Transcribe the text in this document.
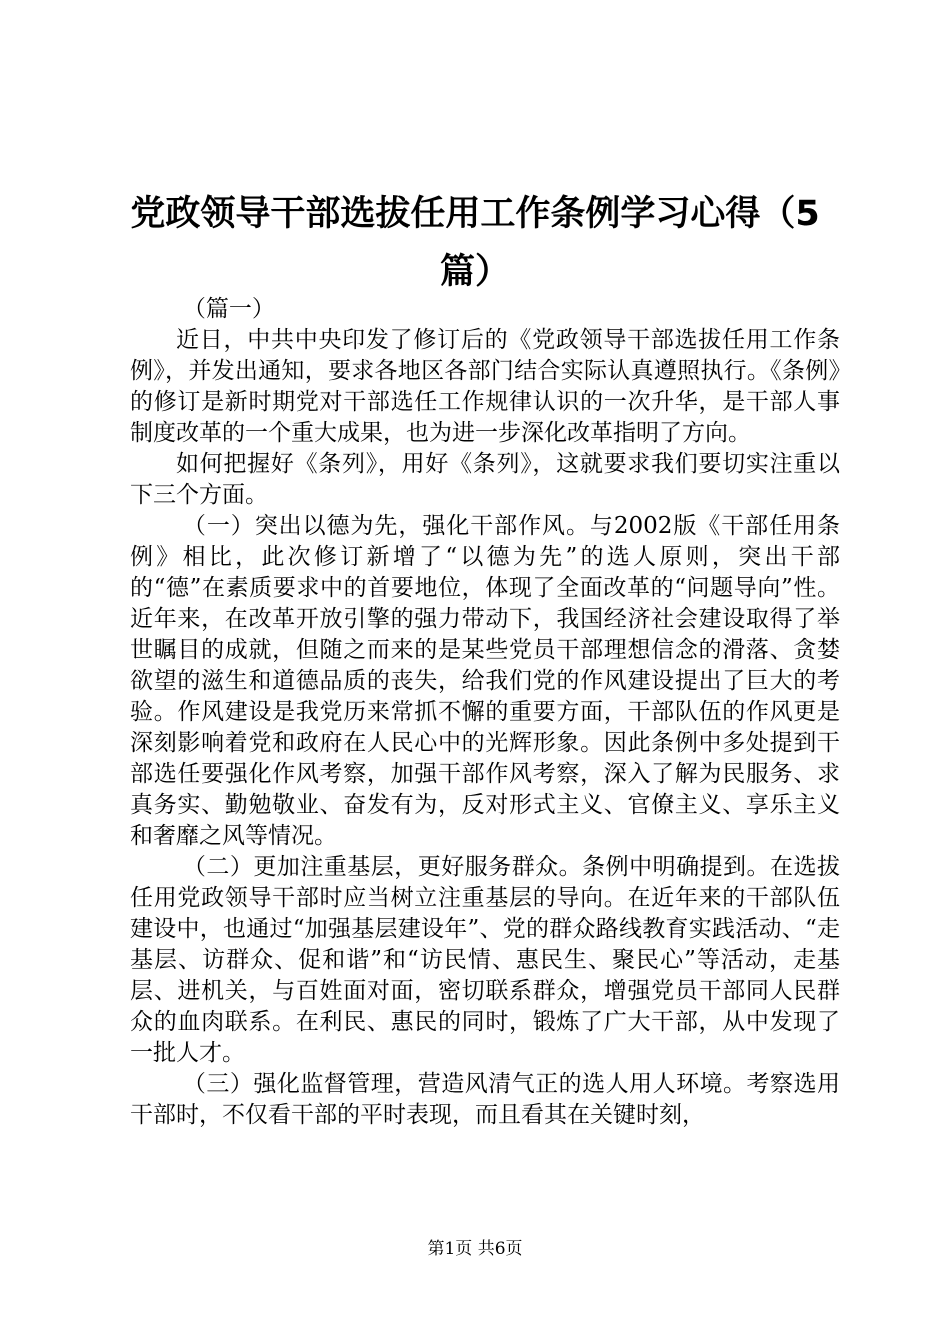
党政领导干部选拔任用工作条例学习心得（5篇）

（篇一）

近日，中共中央印发了修订后的《党政领导干部选拔任用工作条例》，并发出通知，要求各地区各部门结合实际认真遵照执行。《条例》的修订是新时期党对干部选任工作规律认识的一次升华，是干部人事制度改革的一个重大成果，也为进一步深化改革指明了方向。

如何把握好《条列》，用好《条列》，这就要求我们要切实注重以下三个方面。

（一）突出以德为先，强化干部作风。与2002版《干部任用条例》相比，此次修订新增了“以德为先”的选人原则，突出干部的“德”在素质要求中的首要地位，体现了全面改革的“问题导向”性。近年来，在改革开放引擎的强力带动下，我国经济社会建设取得了举世瞩目的成就，但随之而来的是某些党员干部理想信念的滑落、贪婪欲望的滋生和道德品质的丧失，给我们党的作风建设提出了巨大的考验。作风建设是我党历来常抓不懈的重要方面，干部队伍的作风更是深刻影响着党和政府在人民心中的光辉形象。因此条例中多处提到干部选任要强化作风考察，加强干部作风考察，深入了解为民服务、求真务实、勤勉敬业、奋发有为，反对形式主义、官僚主义、享乐主义和奢靡之风等情况。

（二）更加注重基层，更好服务群众。条例中明确提到。在选拔任用党政领导干部时应当树立注重基层的导向。在近年来的干部队伍建设中，也通过“加强基层建设年”、党的群众路线教育实践活动、“走基层、访群众、促和谐”和“访民情、惠民生、聚民心”等活动，走基层、进机关，与百姓面对面，密切联系群众，增强党员干部同人民群众的血肉联系。在利民、惠民的同时，锻炼了广大干部，从中发现了一批人才。

（三）强化监督管理，营造风清气正的选人用人环境。考察选用干部时，不仅看干部的平时表现，而且看其在关键时刻，

第1页 共6页
